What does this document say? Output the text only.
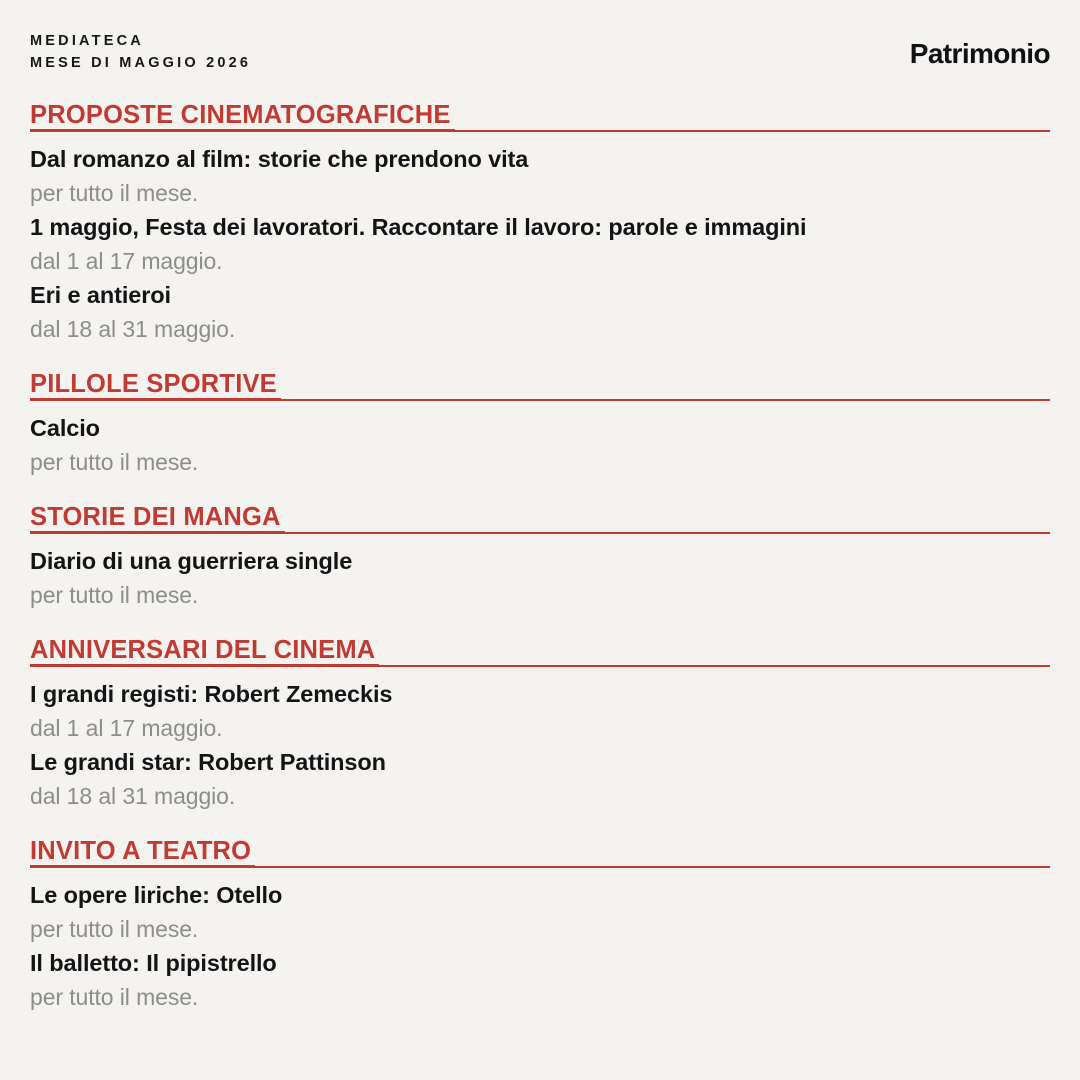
MEDIATECA
MESE DI MAGGIO 2026	Patrimonio
PROPOSTE CINEMATOGRAFICHE
Dal romanzo al film: storie che prendono vita
per tutto il mese.
1 maggio, Festa dei lavoratori. Raccontare il lavoro: parole e immagini
dal 1 al 17 maggio.
Eri e antieroi
dal 18 al 31 maggio.
PILLOLE SPORTIVE
Calcio
per tutto il mese.
STORIE DEI MANGA
Diario di una guerriera single
per tutto il mese.
ANNIVERSARI DEL CINEMA
I grandi registi: Robert Zemeckis
dal 1 al 17 maggio.
Le grandi star: Robert Pattinson
dal 18 al 31 maggio.
INVITO A TEATRO
Le opere liriche: Otello
per tutto il mese.
Il balletto: Il pipistrello
per tutto il mese.
